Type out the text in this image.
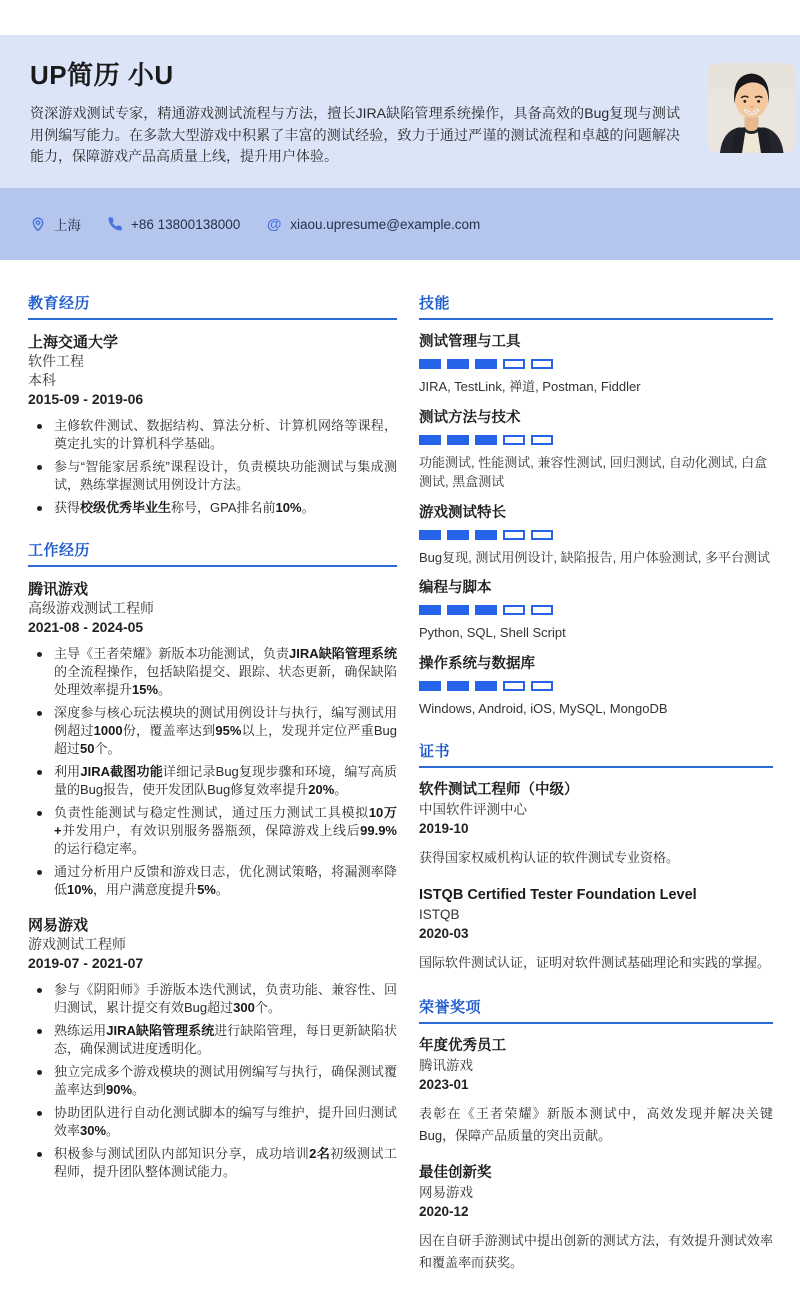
UP简历 小U
资深游戏测试专家，精通游戏测试流程与方法，擅长JIRA缺陷管理系统操作，具备高效的Bug复现与测试用例编写能力。在多款大型游戏中积累了丰富的测试经验，致力于通过严谨的测试流程和卓越的问题解决能力，保障游戏产品高质量上线，提升用户体验。
上海	+86 13800138000 @ xiaou.upresume@example.com
教育经历
上海交通大学
软件工程
本科
2015-09 - 2019-06
主修软件测试、数据结构、算法分析、计算机网络等课程，奠定扎实的计算机科学基础。
参与“智能家居系统”课程设计，负责模块功能测试与集成测试，熟练掌握测试用例设计方法。
获得校级优秀毕业生称号，GPA排名前10%。
工作经历
腾讯游戏
高级游戏测试工程师
2021-08 - 2024-05
主导《王者荣耀》新版本功能测试，负责JIRA缺陷管理系统的全流程操作，包括缺陷提交、跟踪、状态更新，确保缺陷处理效率提升15%。
深度参与核心玩法模块的测试用例设计与执行，编写测试用例超过1000份，覆盖率达到95%以上，发现并定位严重Bug超过50个。
利用JIRA截图功能详细记录Bug复现步骤和环境，编写高质量的Bug报告，使开发团队Bug修复效率提升20%。
负责性能测试与稳定性测试，通过压力测试工具模拟10万+并发用户，有效识别服务器瓶颈，保障游戏上线后99.9%的运行稳定率。
通过分析用户反馈和游戏日志，优化测试策略，将漏测率降低10%，用户满意度提升5%。
网易游戏
游戏测试工程师
2019-07 - 2021-07
参与《阴阳师》手游版本迭代测试，负责功能、兼容性、回归测试，累计提交有效Bug超过300个。
熟练运用JIRA缺陷管理系统进行缺陷管理，每日更新缺陷状态，确保测试进度透明化。
独立完成多个游戏模块的测试用例编写与执行，确保测试覆盖率达到90%。
协助团队进行自动化测试脚本的编写与维护，提升回归测试效率30%。
积极参与测试团队内部知识分享，成功培训2名初级测试工程师，提升团队整体测试能力。
技能
测试管理与工具
JIRA, TestLink, 禅道, Postman, Fiddler
测试方法与技术
功能测试, 性能测试, 兼容性测试, 回归测试, 自动化测试, 白盒测试, 黑盒测试
游戏测试特长
Bug复现, 测试用例设计, 缺陷报告, 用户体验测试, 多平台测试
编程与脚本
Python, SQL, Shell Script
操作系统与数据库
Windows, Android, iOS, MySQL, MongoDB
证书
软件测试工程师（中级）
中国软件评测中心
2019-10
获得国家权威机构认证的软件测试专业资格。
ISTQB Certified Tester Foundation Level
ISTQB
2020-03
国际软件测试认证，证明对软件测试基础理论和实践的掌握。
荣誉奖项
年度优秀员工
腾讯游戏
2023-01
表彰在《王者荣耀》新版本测试中，高效发现并解决关键Bug，保障产品质量的突出贡献。
最佳创新奖
网易游戏
2020-12
因在自研手游测试中提出创新的测试方法，有效提升测试效率和覆盖率而获奖。
